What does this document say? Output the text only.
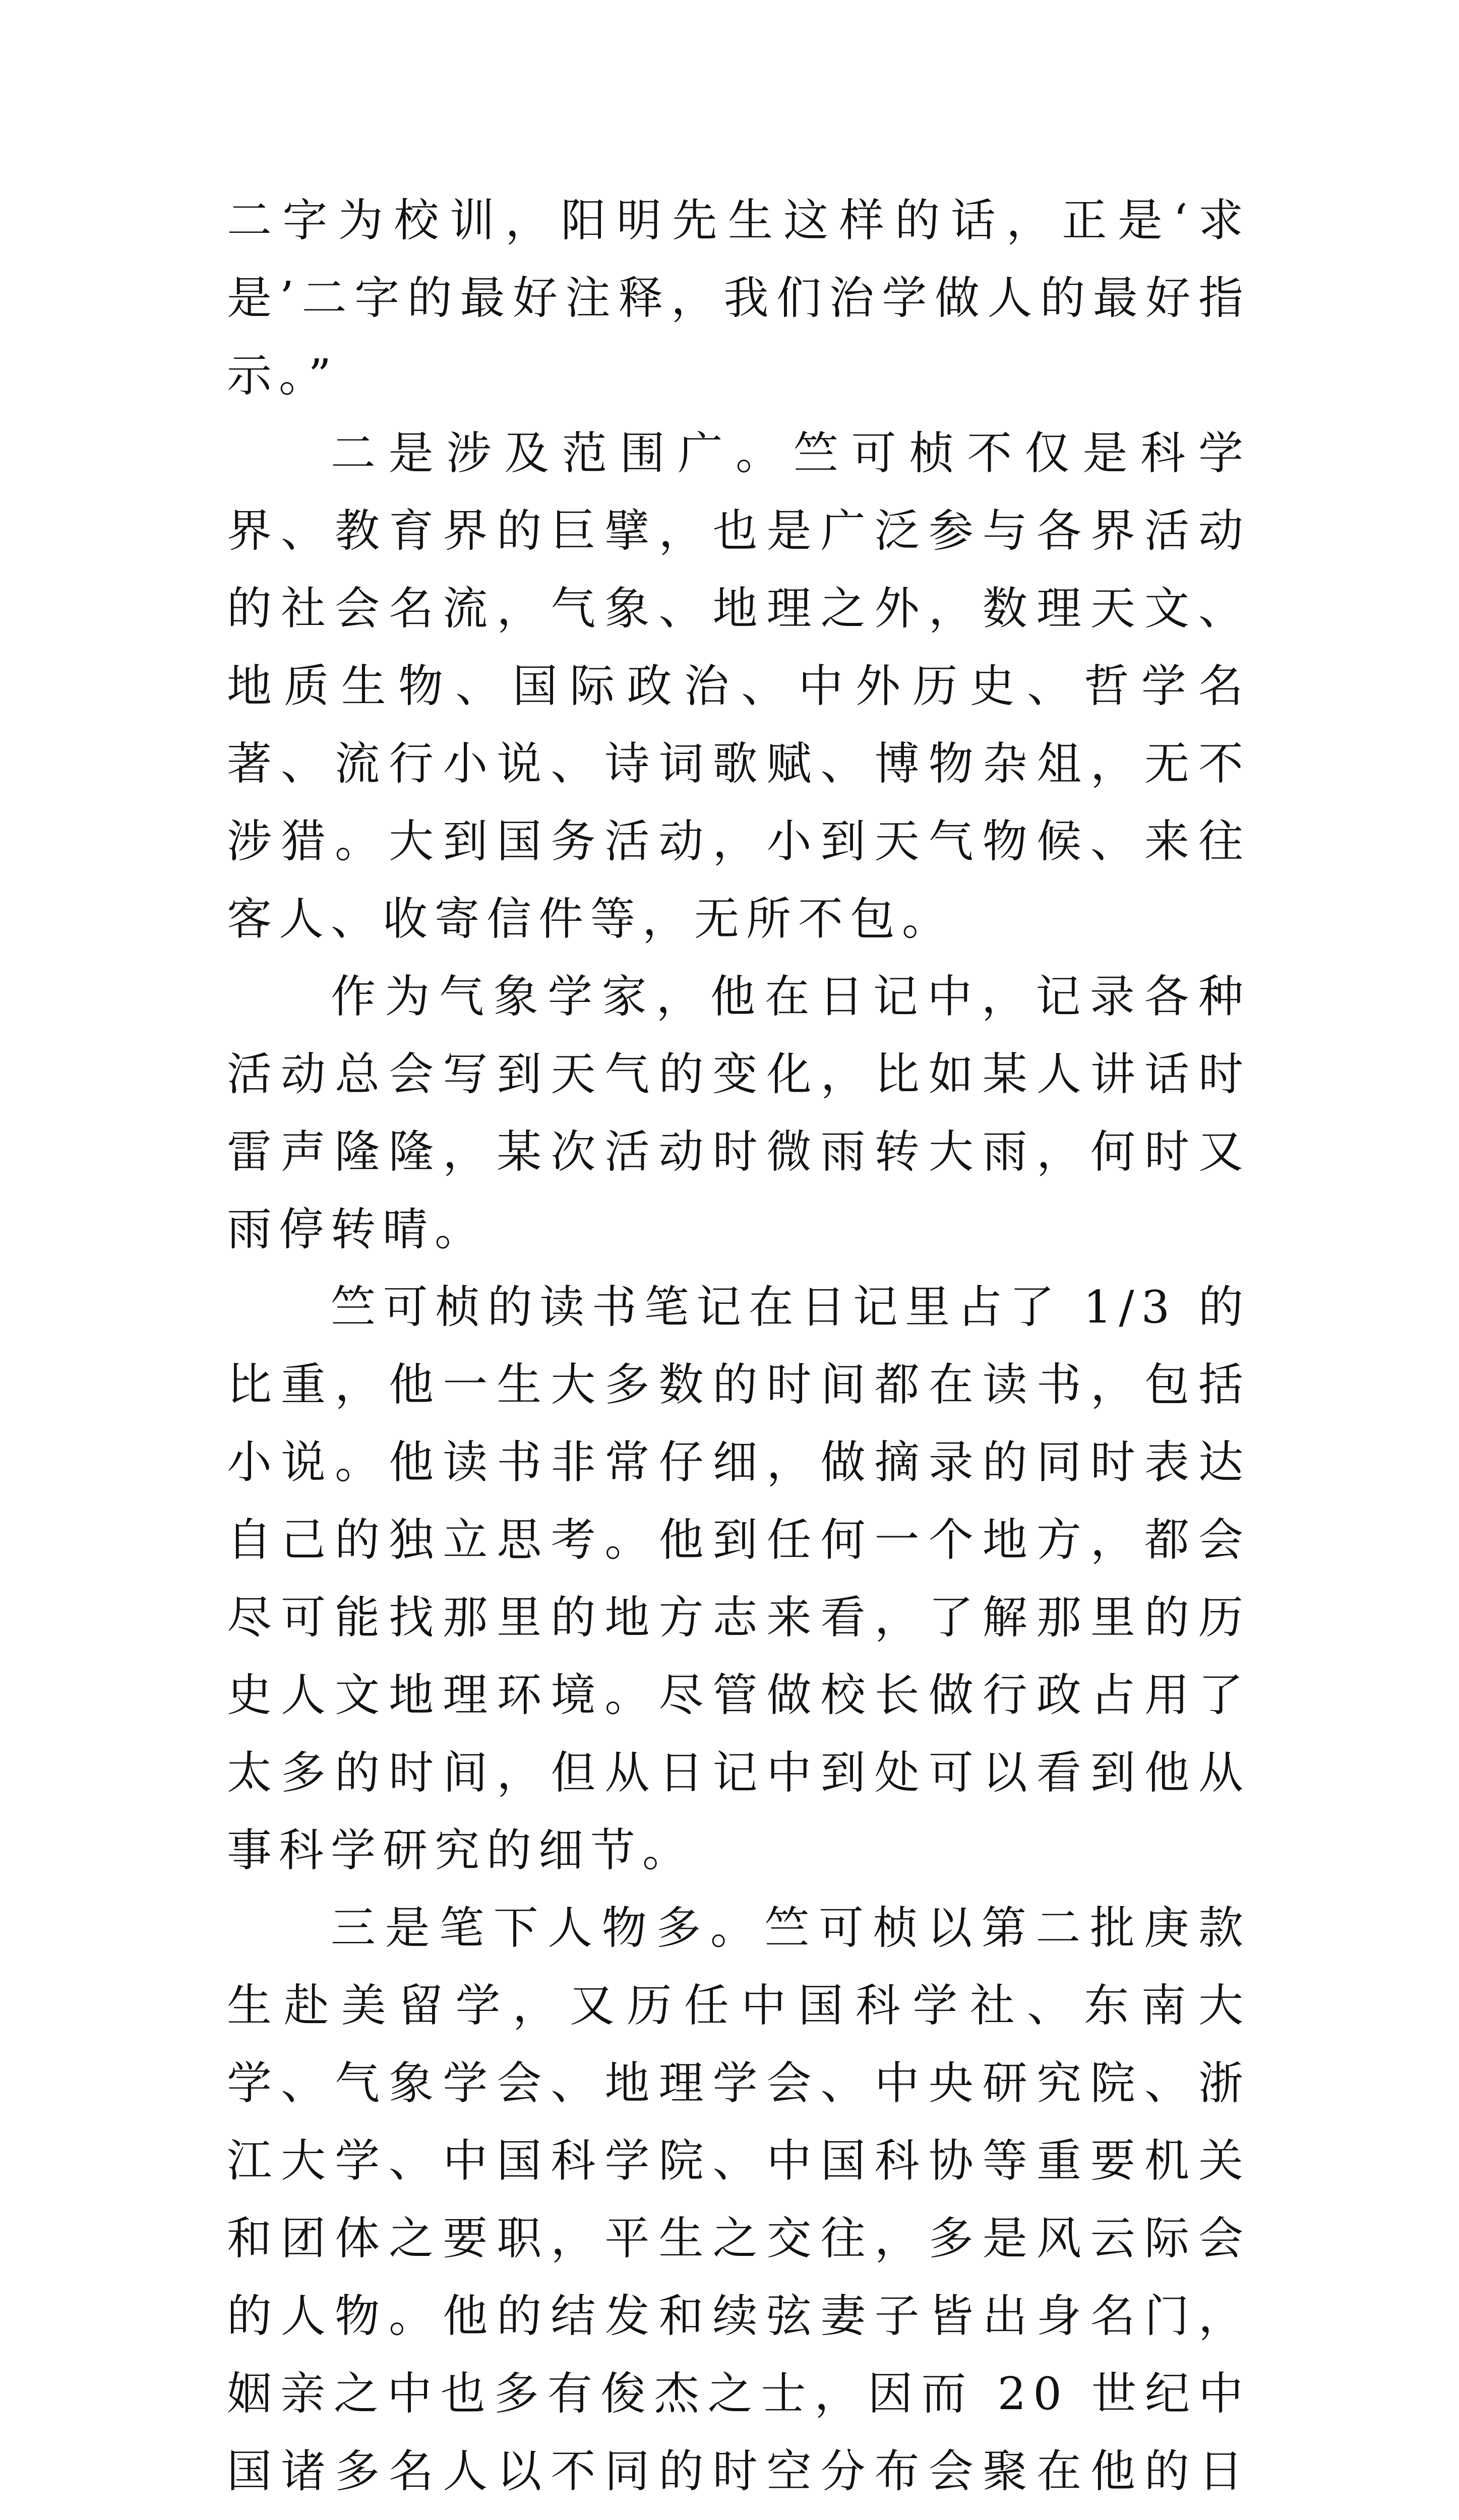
二字为校训，阳明先生这样的话，正是‘求是’二字的最好注释，我们治学做人的最好指示。”

二是涉及范围广。竺可桢不仅是科学界、教育界的巨擘，也是广泛参与各界活动的社会名流，气象、地理之外，数理天文、地质生物、国际政治、中外历史、哲学名著、流行小说、诗词歌赋、博物杂俎，无不涉猎。大到国务活动，小到天气物候、来往客人、收寄信件等，无所不包。

作为气象学家，他在日记中，记录各种活动总会写到天气的变化，比如某人讲话时雷声隆隆，某次活动时微雨转大雨，何时又雨停转晴。

竺可桢的读书笔记在日记里占了 1/3 的比重，他一生大多数的时间都在读书，包括小说。他读书非常仔细，做摘录的同时表达自己的独立思考。他到任何一个地方，都会尽可能找那里的地方志来看，了解那里的历史人文地理环境。尽管做校长做行政占用了太多的时间，但从日记中到处可以看到他从事科学研究的细节。

三是笔下人物多。竺可桢以第二批庚款生赴美留学，又历任中国科学社、东南大学、气象学会、地理学会、中央研究院、浙江大学、中国科学院、中国科协等重要机关和团体之要职，平生之交往，多是风云际会的人物。他的结发和续弦妻子皆出身名门，姻亲之中也多有俊杰之士，因而 20 世纪中国诸多名人以不同的时空分布会聚在他的日
